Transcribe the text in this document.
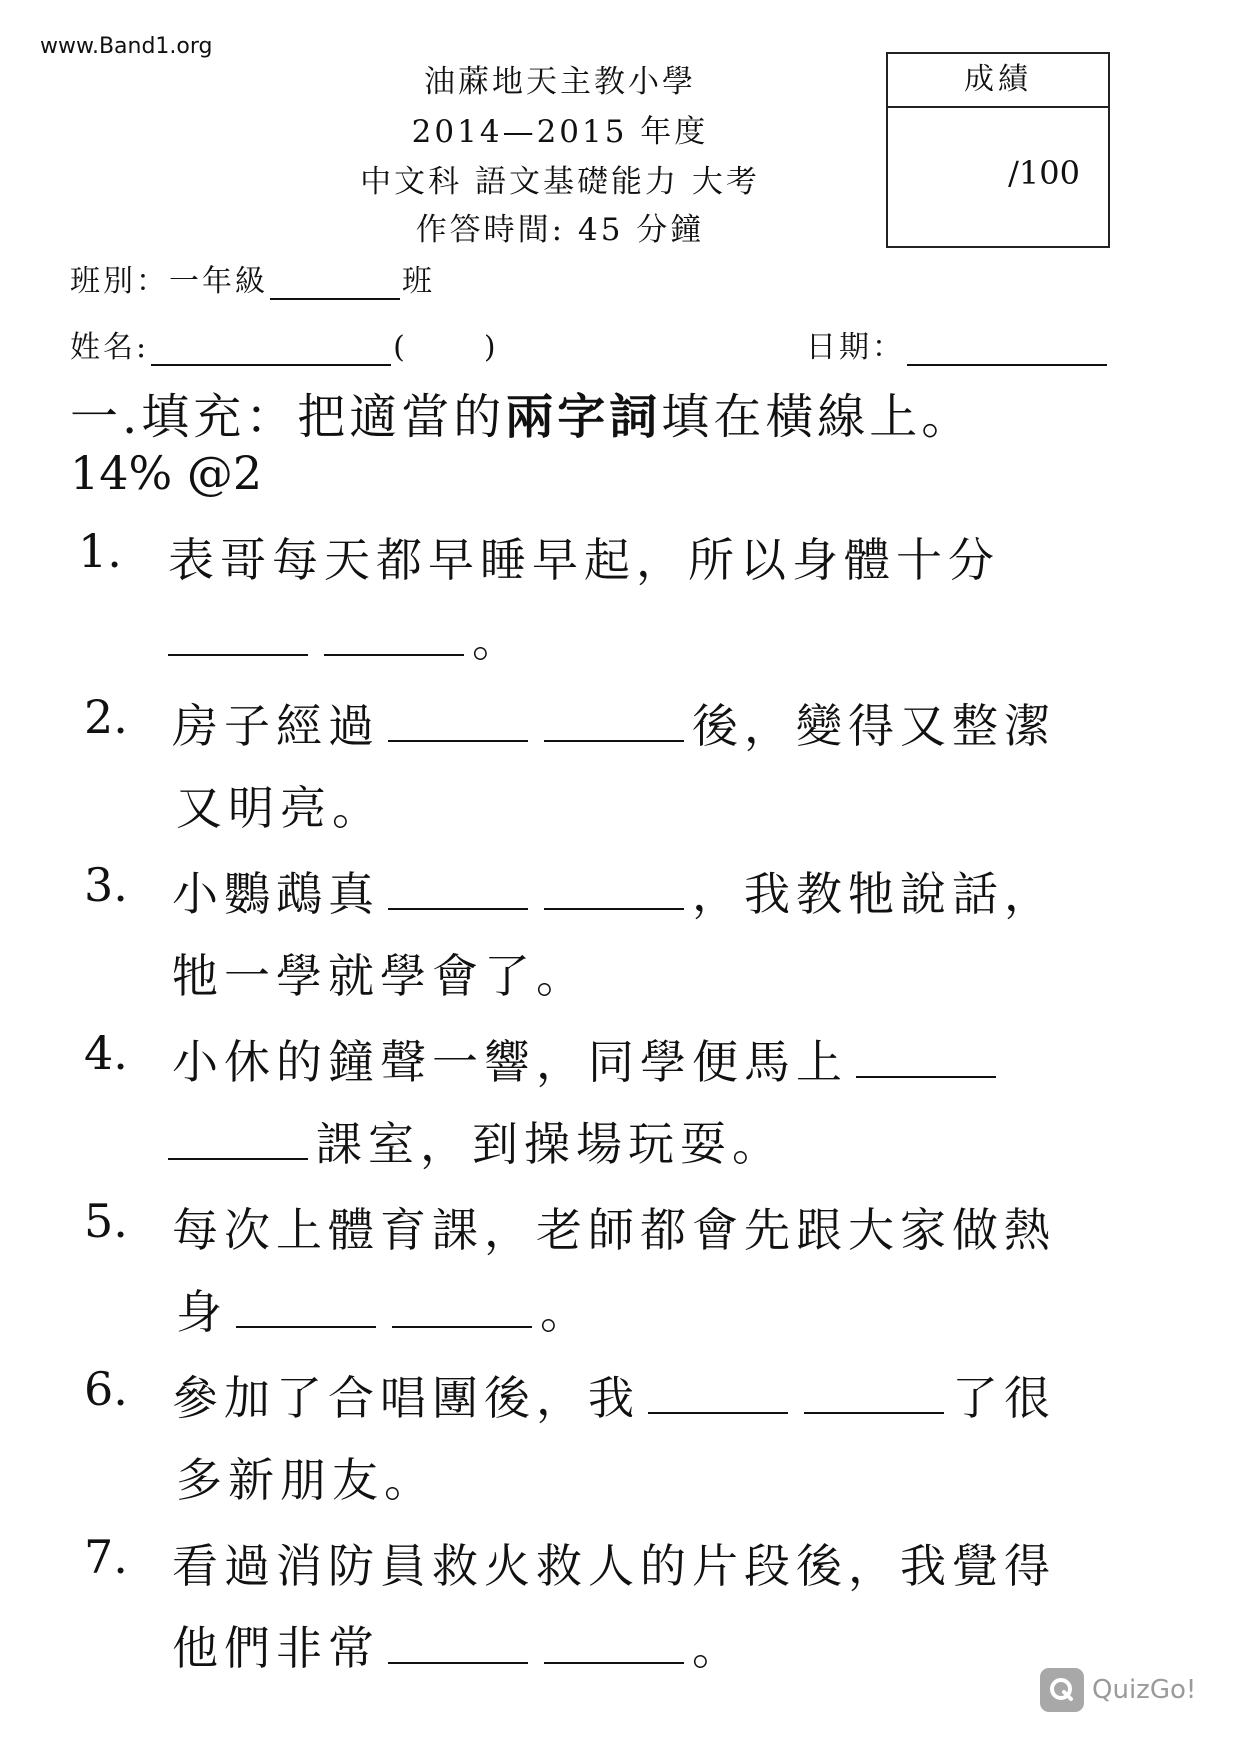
www.Band1.org
油蔴地天主教小學
2014—2015 年度
中文科 語文基礎能力 大考
作答時間: 45 分鐘
成績
/100
班別：一年級	班
姓名:	(	)	日期：
一.填充：把適當的兩字詞填在橫線上。
14% @2
1. 表哥每天都早睡早起，所以身體十分
。
2. 房子經過	後，變得又整潔
又明亮。
3. 小鸚鵡真	，我教牠說話，
牠一學就學會了。
4. 小休的鐘聲一響，同學便馬上
課室，到操場玩耍。
5. 每次上體育課，老師都會先跟大家做熱
身	。
6. 參加了合唱團後，我	了很
多新朋友。
7. 看過消防員救火救人的片段後，我覺得
他們非常	。
QuizGo!
